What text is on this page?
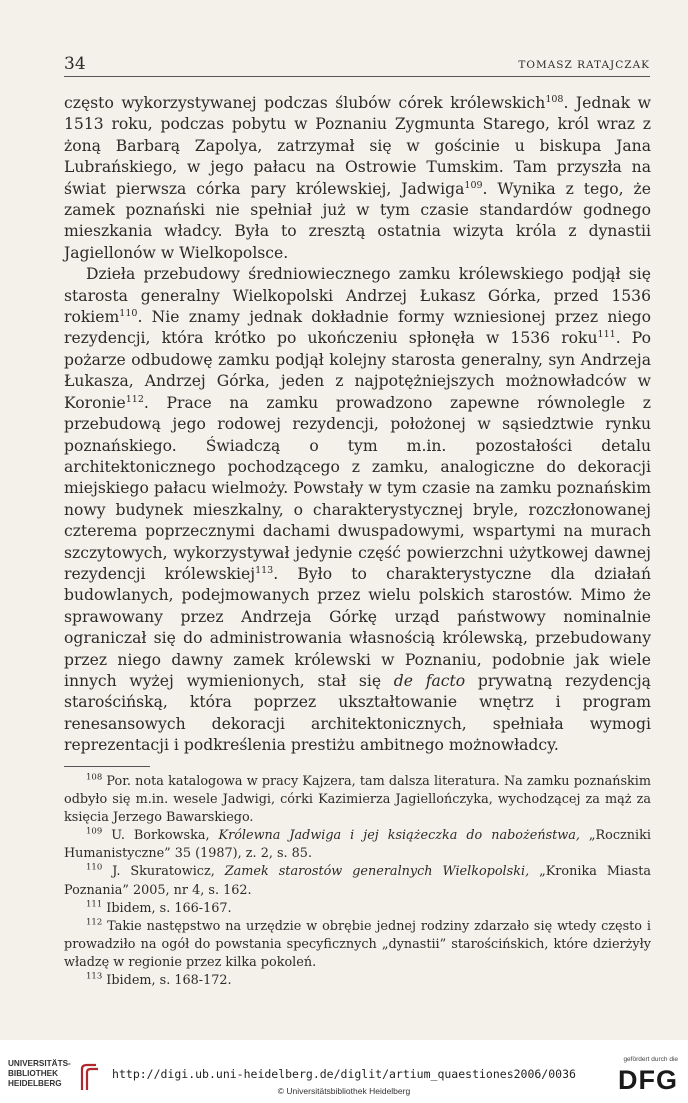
34	TOMASZ RATAJCZAK

często wykorzystywanej podczas ślubów córek królewskich$^{108}$. Jednak w 1513 roku, podczas pobytu w Poznaniu Zygmunta Starego, król wraz z żoną Barbarą Zapolya, zatrzymał się w gościnie u biskupa Jana Lubrańskiego, w jego pałacu na Ostrowie Tumskim. Tam przyszła na świat pierwsza córka pary królewskiej, Jadwiga$^{109}$. Wynika z tego, że zamek poznański nie spełniał już w tym czasie standardów godnego mieszkania władcy. Była to zresztą ostatnia wizyta króla z dynastii Jagiellonów w Wielkopolsce.

Dzieła przebudowy średniowiecznego zamku królewskiego podjął się starosta generalny Wielkopolski Andrzej Łukasz Górka, przed 1536 rokiem$^{110}$. Nie znamy jednak dokładnie formy wzniesionej przez niego rezydencji, która krótko po ukończeniu spłonęła w 1536 roku$^{111}$. Po pożarze odbudowę zamku podjął kolejny starosta generalny, syn Andrzeja Łukasza, Andrzej Górka, jeden z najpotężniejszych możnowładców w Koronie$^{112}$. Prace na zamku prowadzono zapewne równolegle z przebudową jego rodowej rezydencji, położonej w sąsiedztwie rynku poznańskiego. Świadczą o tym m.in. pozostałości detalu architektonicznego pochodzącego z zamku, analogiczne do dekoracji miejskiego pałacu wielmoży. Powstały w tym czasie na zamku poznańskim nowy budynek mieszkalny, o charakterystycznej bryle, rozczłonowanej czterema poprzecznymi dachami dwuspadowymi, wspartymi na murach szczytowych, wykorzystywał jedynie część powierzchni użytkowej dawnej rezydencji królewskiej$^{113}$. Było to charakterystyczne dla działań budowlanych, podejmowanych przez wielu polskich starostów. Mimo że sprawowany przez Andrzeja Górkę urząd państwowy nominalnie ograniczał się do administrowania własnością królewską, przebudowany przez niego dawny zamek królewski w Poznaniu, podobnie jak wiele innych wyżej wymienionych, stał się de facto prywatną rezydencją starościńską, która poprzez ukształtowanie wnętrz i program renesansowych dekoracji architektonicznych, spełniała wymogi reprezentacji i podkreślenia prestiżu ambitnego możnowładcy.

$^{108}$ Por. nota katalogowa w pracy Kajzera, tam dalsza literatura. Na zamku poznańskim odbyło się m.in. wesele Jadwigi, córki Kazimierza Jagiellończyka, wychodzącej za mąż za księcia Jerzego Bawarskiego.

$^{109}$ U. Borkowska, Królewna Jadwiga i jej książeczka do nabożeństwa, „Roczniki Humanistyczne” 35 (1987), z. 2, s. 85.

$^{110}$ J. Skuratowicz, Zamek starostów generalnych Wielkopolski, „Kronika Miasta Poznania” 2005, nr 4, s. 162.

$^{111}$ Ibidem, s. 166-167.

$^{112}$ Takie następstwo na urzędzie w obrębie jednej rodziny zdarzało się wtedy często i prowadziło na ogół do powstania specyficznych „dynastii” starościńskich, które dzierżyły władzę w regionie przez kilka pokoleń.

$^{113}$ Ibidem, s. 168-172.

UNIVERSITÄTS-
BIBLIOTHEK
HEIDELBERG
http://digi.ub.uni-heidelberg.de/diglit/artium_quaestiones2006/0036
© Universitätsbibliothek Heidelberg
gefördert durch die
DFG
